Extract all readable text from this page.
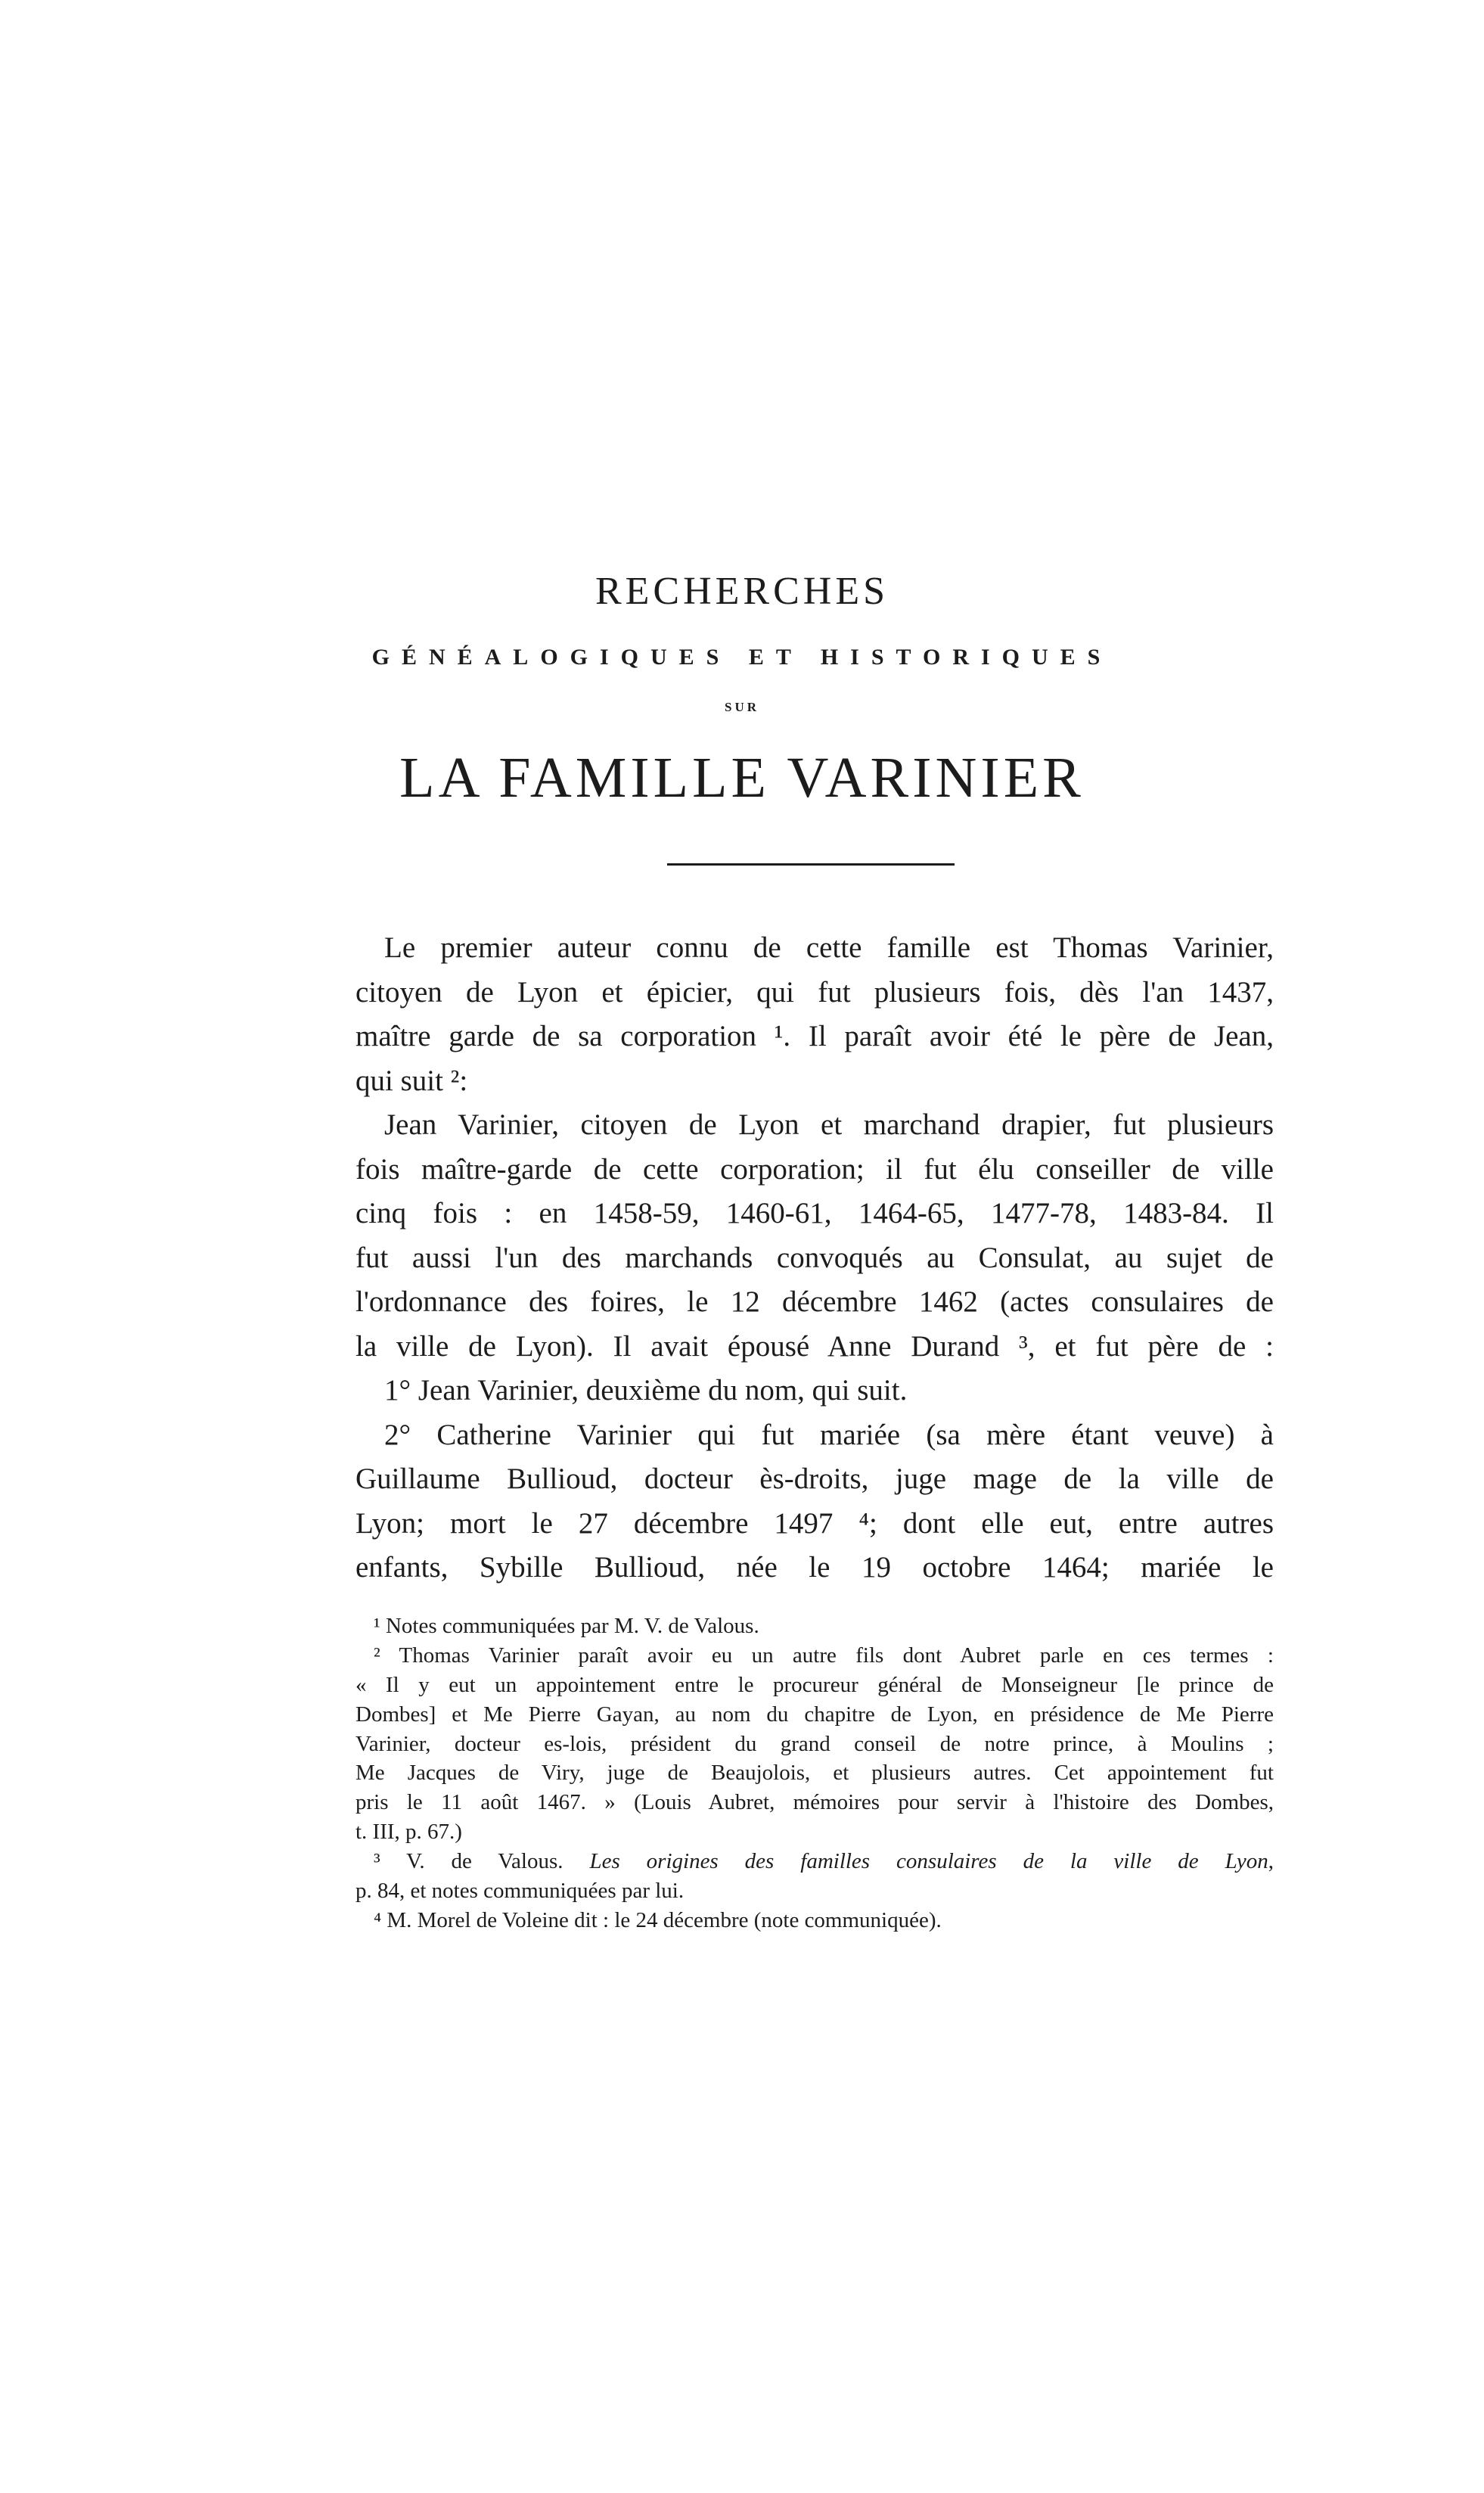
RECHERCHES
GÉNÉALOGIQUES ET HISTORIQUES
SUR
LA FAMILLE VARINIER
Le premier auteur connu de cette famille est Thomas Varinier,
citoyen de Lyon et épicier, qui fut plusieurs fois, dès l'an 1437,
maître garde de sa corporation ¹. Il paraît avoir été le père de Jean,
qui suit ²:
Jean Varinier, citoyen de Lyon et marchand drapier, fut plusieurs
fois maître-garde de cette corporation; il fut élu conseiller de ville
cinq fois : en 1458-59, 1460-61, 1464-65, 1477-78, 1483-84. Il
fut aussi l'un des marchands convoqués au Consulat, au sujet de
l'ordonnance des foires, le 12 décembre 1462 (actes consulaires de
la ville de Lyon). Il avait épousé Anne Durand ³, et fut père de :
1° Jean Varinier, deuxième du nom, qui suit.
2° Catherine Varinier qui fut mariée (sa mère étant veuve) à
Guillaume Bullioud, docteur ès-droits, juge mage de la ville de
Lyon; mort le 27 décembre 1497 ⁴; dont elle eut, entre autres
enfants, Sybille Bullioud, née le 19 octobre 1464; mariée le
¹ Notes communiquées par M. V. de Valous.
² Thomas Varinier paraît avoir eu un autre fils dont Aubret parle en ces termes :
« Il y eut un appointement entre le procureur général de Monseigneur [le prince de
Dombes] et Me Pierre Gayan, au nom du chapitre de Lyon, en présidence de Me Pierre
Varinier, docteur es-lois, président du grand conseil de notre prince, à Moulins ;
Me Jacques de Viry, juge de Beaujolois, et plusieurs autres. Cet appointement fut
pris le 11 août 1467. » (Louis Aubret, mémoires pour servir à l'histoire des Dombes,
t. III, p. 67.)
³ V. de Valous. Les origines des familles consulaires de la ville de Lyon,
p. 84, et notes communiquées par lui.
⁴ M. Morel de Voleine dit : le 24 décembre (note communiquée).
